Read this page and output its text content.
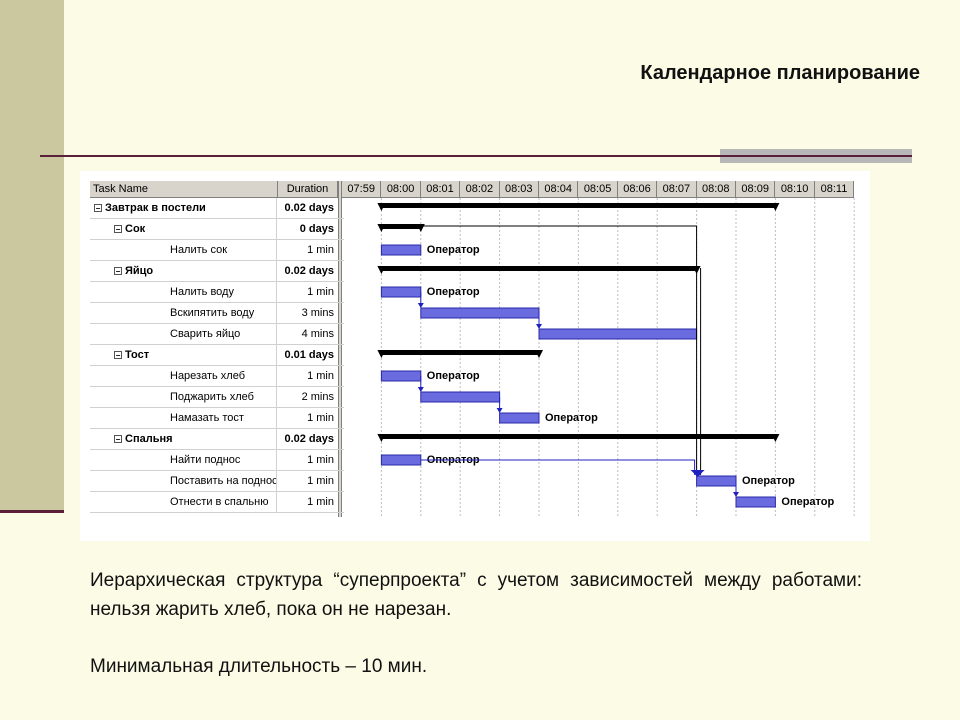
Календарное планирование
Task Name	Duration	07:59	08:00	08:01	08:02	08:03	08:04	08:05	08:06	08:07	08:08	08:09	08:10	08:11
− Завтрак в постели	0.02 days
− Сок	0 days
Налить сок	1 min
− Яйцо	0.02 days
Налить воду	1 min
Вскипятить воду	3 mins
Сварить яйцо	4 mins
− Тост	0.01 days
Нарезать хлеб	1 min
Поджарить хлеб	2 mins
Намазать тост	1 min
− Спальня	0.02 days
Найти поднос	1 min
Поставить на поднос	1 min
Отнести в спальню	1 min
Оператор
Оператор
Оператор
Оператор
Оператор
Оператор
Оператор
Иерархическая структура “суперпроекта” с учетом зависимостей между работами: нельзя жарить хлеб, пока он не нарезан.
Минимальная длительность – 10 мин.
